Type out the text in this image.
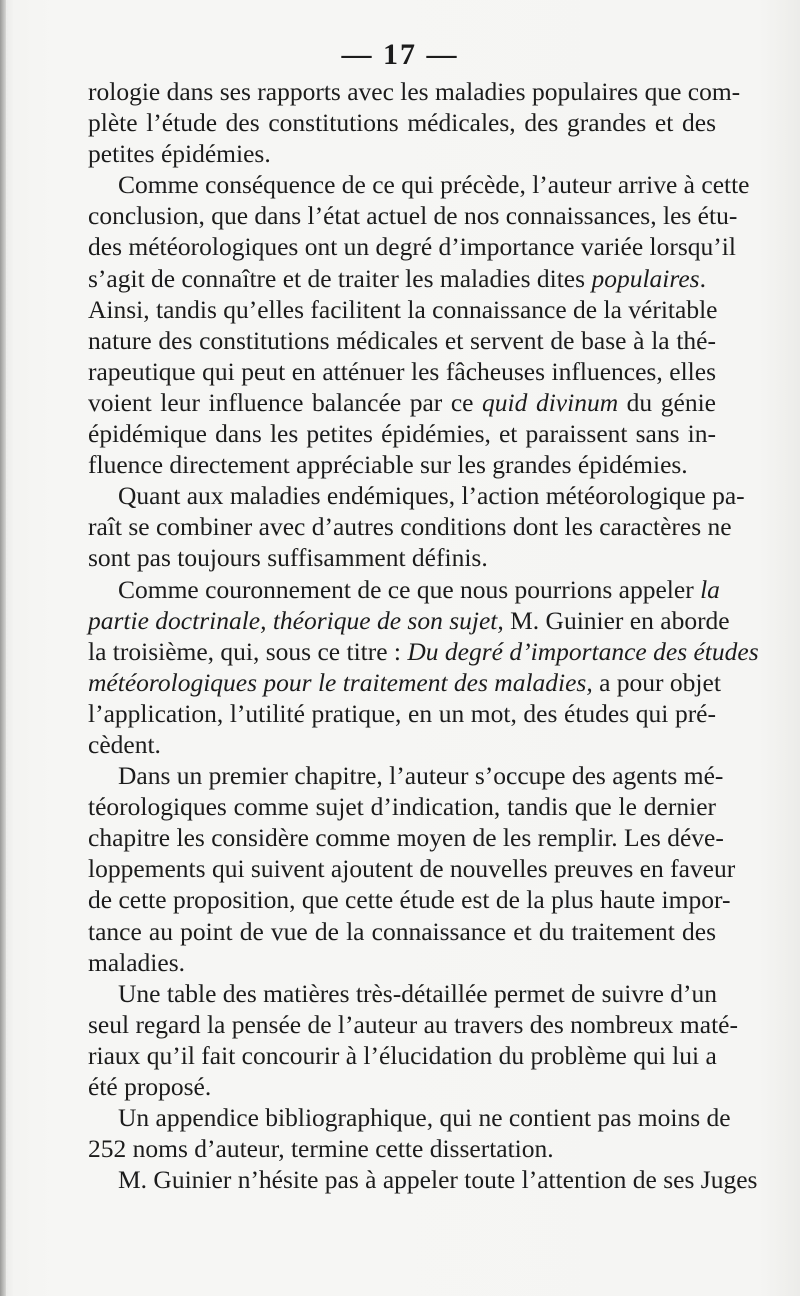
— 17 —
rologie dans ses rapports avec les maladies populaires que com-
plète l’étude des constitutions médicales, des grandes et des
petites épidémies.
Comme conséquence de ce qui précède, l’auteur arrive à cette
conclusion, que dans l’état actuel de nos connaissances, les étu-
des météorologiques ont un degré d’importance variée lorsqu’il
s’agit de connaître et de traiter les maladies dites populaires.
Ainsi, tandis qu’elles facilitent la connaissance de la véritable
nature des constitutions médicales et servent de base à la thé-
rapeutique qui peut en atténuer les fâcheuses influences, elles
voient leur influence balancée par ce quid divinum du génie
épidémique dans les petites épidémies, et paraissent sans in-
fluence directement appréciable sur les grandes épidémies.
Quant aux maladies endémiques, l’action météorologique pa-
raît se combiner avec d’autres conditions dont les caractères ne
sont pas toujours suffisamment définis.
Comme couronnement de ce que nous pourrions appeler la
partie doctrinale, théorique de son sujet, M. Guinier en aborde
la troisième, qui, sous ce titre : Du degré d’importance des études
météorologiques pour le traitement des maladies, a pour objet
l’application, l’utilité pratique, en un mot, des études qui pré-
cèdent.
Dans un premier chapitre, l’auteur s’occupe des agents mé-
téorologiques comme sujet d’indication, tandis que le dernier
chapitre les considère comme moyen de les remplir. Les déve-
loppements qui suivent ajoutent de nouvelles preuves en faveur
de cette proposition, que cette étude est de la plus haute impor-
tance au point de vue de la connaissance et du traitement des
maladies.
Une table des matières très-détaillée permet de suivre d’un
seul regard la pensée de l’auteur au travers des nombreux maté-
riaux qu’il fait concourir à l’élucidation du problème qui lui a
été proposé.
Un appendice bibliographique, qui ne contient pas moins de
252 noms d’auteur, termine cette dissertation.
M. Guinier n’hésite pas à appeler toute l’attention de ses Juges
